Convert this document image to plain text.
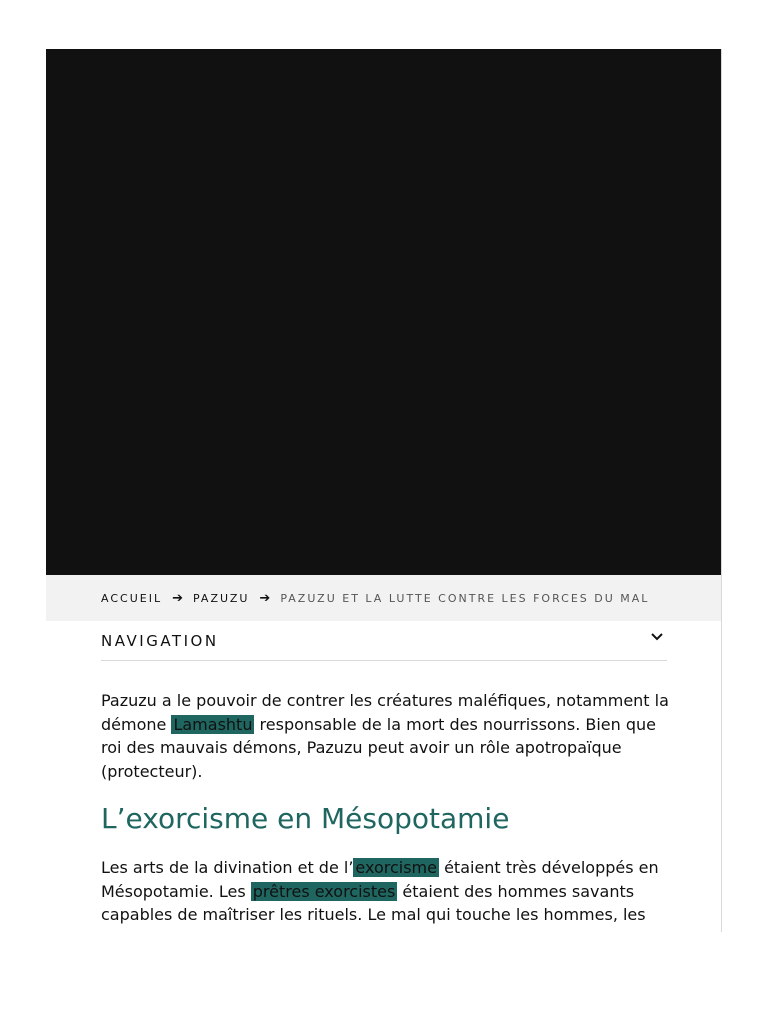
ACCUEIL ➔ PAZUZU ➔ PAZUZU ET LA LUTTE CONTRE LES FORCES DU MAL
NAVIGATION

Pazuzu a le pouvoir de contrer les créatures maléfiques, notamment la démone Lamashtu responsable de la mort des nourrissons. Bien que roi des mauvais démons, Pazuzu peut avoir un rôle apotropaïque (protecteur).

L’exorcisme en Mésopotamie

Les arts de la divination et de l’ exorcisme étaient très développés en Mésopotamie. Les prêtres exorcistes étaient des hommes savants capables de maîtriser les rituels. Le mal qui touche les hommes, les
